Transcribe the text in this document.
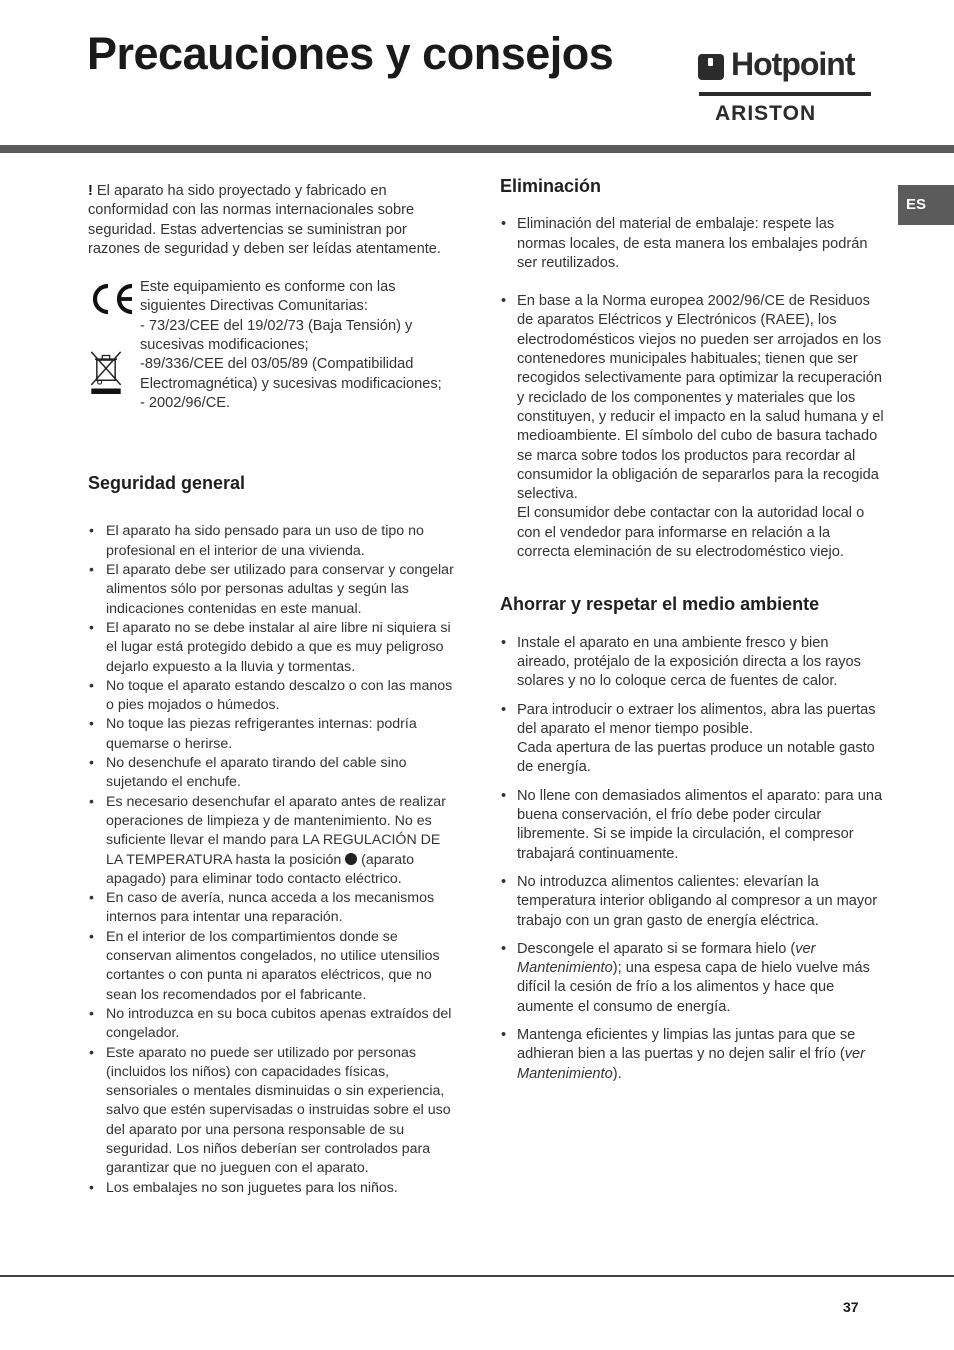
Precauciones y consejos	Hotpoint
ARISTON
ES

! El aparato ha sido proyectado y fabricado en conformidad con las normas internacionales sobre seguridad. Estas advertencias se suministran por razones de seguridad y deben ser leídas atentamente.

Este equipamiento es conforme con las siguientes Directivas Comunitarias:

- 73/23/CEE del 19/02/73 (Baja Tensión) y sucesivas modificaciones;

-89/336/CEE del 03/05/89 (Compatibilidad Electromagnética) y sucesivas modificaciones;

- 2002/96/CE.

Seguridad general
• El aparato ha sido pensado para un uso de tipo no profesional en el interior de una vivienda.
• El aparato debe ser utilizado para conservar y congelar alimentos sólo por personas adultas y según las indicaciones contenidas en este manual.
• El aparato no se debe instalar al aire libre ni siquiera si el lugar está protegido debido a que es muy peligroso dejarlo expuesto a la lluvia y tormentas.
• No toque el aparato estando descalzo o con las manos o pies mojados o húmedos.
• No toque las piezas refrigerantes internas: podría quemarse o herirse.
• No desenchufe el aparato tirando del cable sino sujetando el enchufe.
• Es necesario desenchufar el aparato antes de realizar operaciones de limpieza y de mantenimiento. No es suficiente llevar el mando para LA REGULACIÓN DE LA TEMPERATURA hasta la posición  (aparato apagado) para eliminar todo contacto eléctrico.
• En caso de avería, nunca acceda a los mecanismos internos para intentar una reparación.
• En el interior de los compartimientos donde se conservan alimentos congelados, no utilice utensilios cortantes o con punta ni aparatos eléctricos, que no sean los recomendados por el fabricante.
• No introduzca en su boca cubitos apenas extraídos del congelador.
• Este aparato no puede ser utilizado por personas (incluidos los niños) con capacidades físicas, sensoriales o mentales disminuidas o sin experiencia, salvo que estén supervisadas o instruidas sobre el uso del aparato por una persona responsable de su seguridad. Los niños deberían ser controlados para garantizar que no jueguen con el aparato.
• Los embalajes no son juguetes para los niños.
Eliminación
• Eliminación del material de embalaje: respete las normas locales, de esta manera los embalajes podrán ser reutilizados.
• En base a la Norma europea 2002/96/CE de Residuos de aparatos Eléctricos y Electrónicos (RAEE), los electrodomésticos viejos no pueden ser arrojados en los contenedores municipales habituales; tienen que ser recogidos selectivamente para optimizar la recuperación y reciclado de los componentes y materiales que los constituyen, y reducir el impacto en la salud humana y el medioambiente. El símbolo del cubo de basura tachado se marca sobre todos los productos para recordar al consumidor la obligación de separarlos para la recogida selectiva.
El consumidor debe contactar con la autoridad local o con el vendedor para informarse en relación a la correcta eleminación de su electrodoméstico viejo.
Ahorrar y respetar el medio ambiente
• Instale el aparato en una ambiente fresco y bien aireado, protéjalo de la exposición directa a los rayos solares y no lo coloque cerca de fuentes de calor.
• Para introducir o extraer los alimentos, abra las puertas del aparato el menor tiempo posible.
Cada apertura de las puertas produce un notable gasto de energía.
• No llene con demasiados alimentos el aparato: para una buena conservación, el frío debe poder circular libremente. Si se impide la circulación, el compresor trabajará continuamente.
• No introduzca alimentos calientes: elevarían la temperatura interior obligando al compresor a un mayor trabajo con un gran gasto de energía eléctrica.
• Descongele el aparato si se formara hielo (ver Mantenimiento); una espesa capa de hielo vuelve más difícil la cesión de frío a los alimentos y hace que aumente el consumo de energía.
• Mantenga eficientes y limpias las juntas para que se adhieran bien a las puertas y no dejen salir el frío (ver Mantenimiento).
37
